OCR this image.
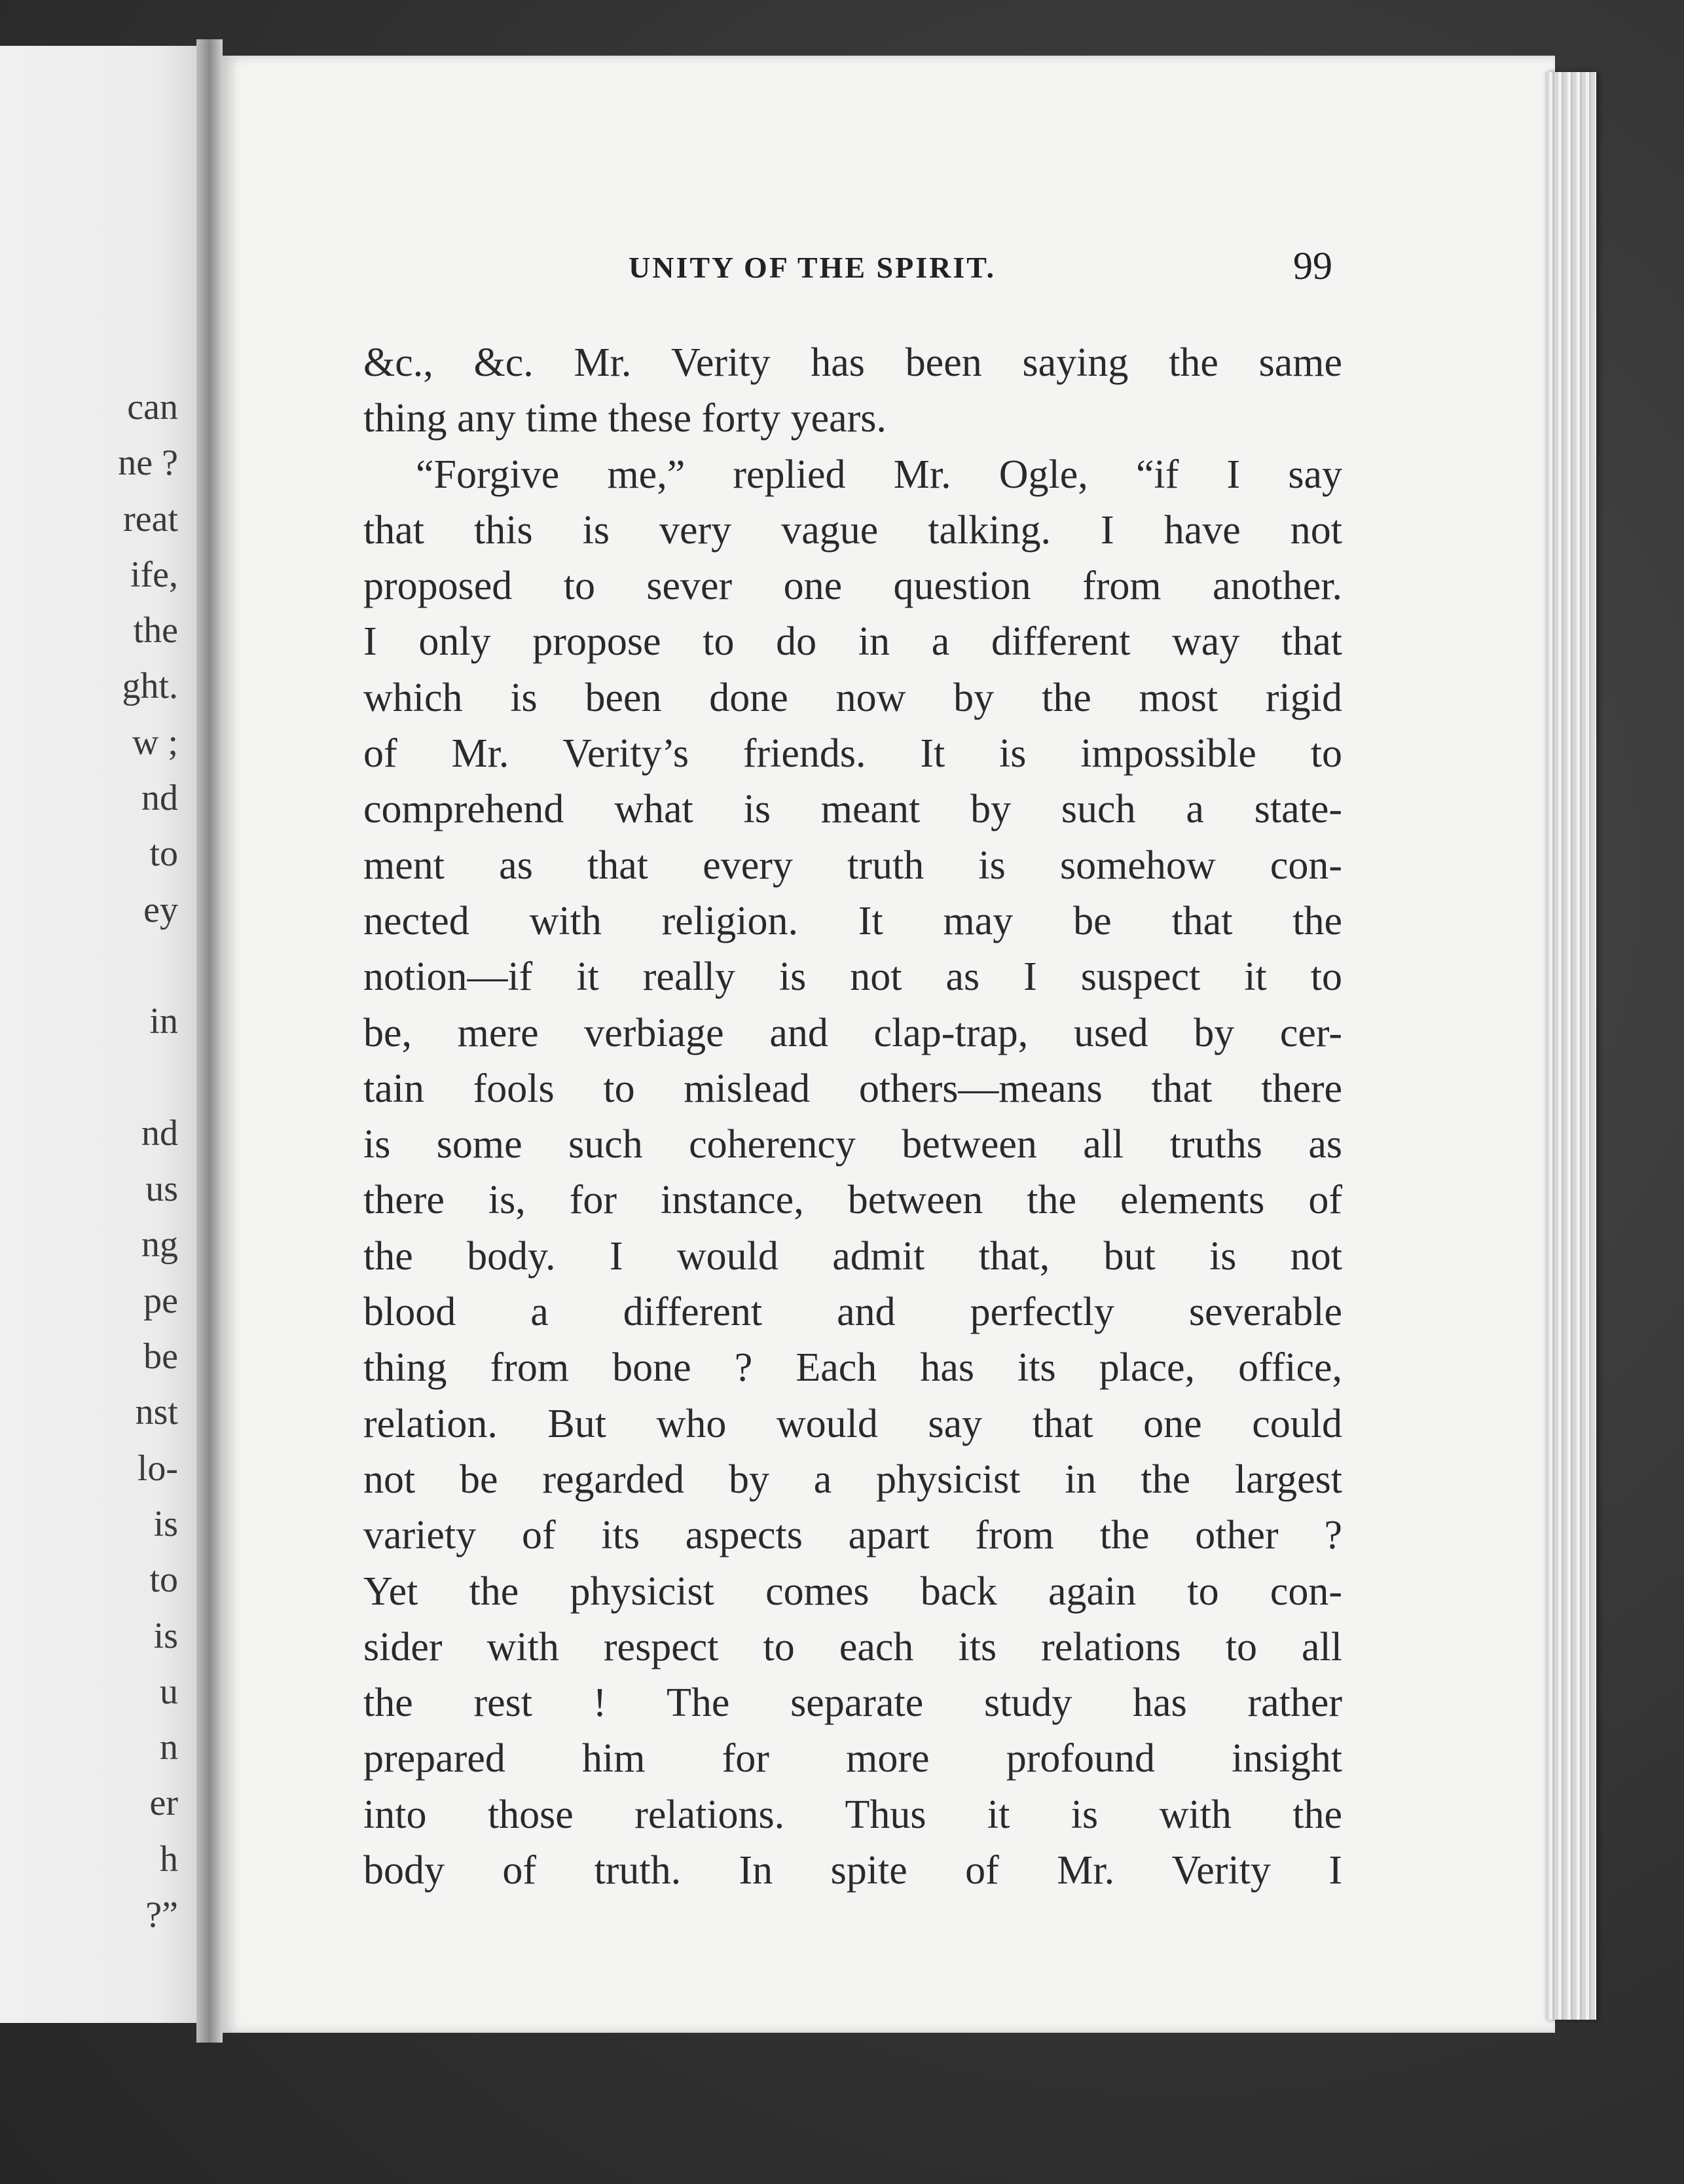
can
ne ?
reat
ife,
the
ght.
w ;
nd
to
ey
in
nd
us
ng
pe
be
nst
lo-
is
to
is
u
n
er
h
?”
UNITY OF THE SPIRIT.	99
&c., &c. Mr. Verity has been saying the same
thing any time these forty years.
“Forgive me,” replied Mr. Ogle, “if I say
that this is very vague talking. I have not
proposed to sever one question from another.
I only propose to do in a different way that
which is been done now by the most rigid
of Mr. Verity’s friends. It is impossible to
comprehend what is meant by such a state-
ment as that every truth is somehow con-
nected with religion. It may be that the
notion—if it really is not as I suspect it to
be, mere verbiage and clap-trap, used by cer-
tain fools to mislead others—means that there
is some such coherency between all truths as
there is, for instance, between the elements of
the body. I would admit that, but is not
blood a different and perfectly severable
thing from bone ? Each has its place, office,
relation. But who would say that one could
not be regarded by a physicist in the largest
variety of its aspects apart from the other ?
Yet the physicist comes back again to con-
sider with respect to each its relations to all
the rest ! The separate study has rather
prepared him for more profound insight
into those relations. Thus it is with the
body of truth. In spite of Mr. Verity I
